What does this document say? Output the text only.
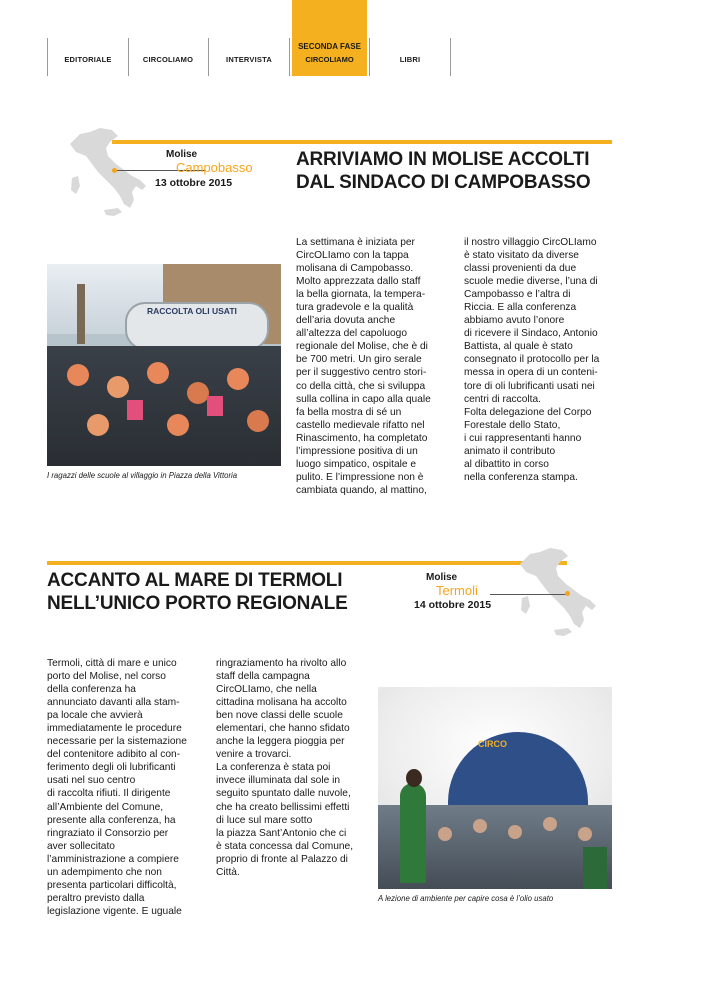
EDITORIALE	CIRCOLIAMO	INTERVISTA
SECONDA FASE
CIRCOLIAMO	LIBRI
Molise
Campobasso
13 ottobre 2015
ARRIVIAMO IN MOLISE ACCOLTI
DAL SINDACO DI CAMPOBASSO
RACCOLTA OLI USATI
I ragazzi delle scuole al villaggio in Piazza della Vittoria
La settimana è iniziata per
CircOLIamo con la tappa
molisana di Campobasso.
Molto apprezzata dallo staff
la bella giornata, la tempera-
tura gradevole e la qualità
dell’aria dovuta anche
all’altezza del capoluogo
regionale del Molise, che è di
be 700 metri. Un giro serale
per il suggestivo centro stori-
co della città, che si sviluppa
sulla collina in capo alla quale
fa bella mostra di sé un
castello medievale rifatto nel
Rinascimento, ha completato
l’impressione positiva di un
luogo simpatico, ospitale e
pulito. E l’impressione non è
cambiata quando, al mattino,
il nostro villaggio CircOLIamo
è stato visitato da diverse
classi provenienti da due
scuole medie diverse, l’una di
Campobasso e l’altra di
Riccia. E alla conferenza
abbiamo avuto l’onore
di ricevere il Sindaco, Antonio
Battista, al quale è stato
consegnato il protocollo per la
messa in opera di un conteni-
tore di oli lubrificanti usati nei
centri di raccolta.
Folta delegazione del Corpo
Forestale dello Stato,
i cui rappresentanti hanno
animato il contributo
al dibattito in corso
nella conferenza stampa.
Molise
Termoli
14 ottobre 2015
ACCANTO AL MARE DI TERMOLI
NELL’UNICO PORTO REGIONALE
Termoli, città di mare e unico
porto del Molise, nel corso
della conferenza ha
annunciato davanti alla stam-
pa locale che avvierà
immediatamente le procedure
necessarie per la sistemazione
del contenitore adibito al con-
ferimento degli oli lubrificanti
usati nel suo centro
di raccolta rifiuti. Il dirigente
all’Ambiente del Comune,
presente alla conferenza, ha
ringraziato il Consorzio per
aver sollecitato
l’amministrazione a compiere
un adempimento che non
presenta particolari difficoltà,
peraltro previsto dalla
legislazione vigente. E uguale
ringraziamento ha rivolto allo
staff della campagna
CircOLIamo, che nella
cittadina molisana ha accolto
ben nove classi delle scuole
elementari, che hanno sfidato
anche la leggera pioggia per
venire a trovarci.
La conferenza è stata poi
invece illuminata dal sole in
seguito spuntato dalle nuvole,
che ha creato bellissimi effetti
di luce sul mare sotto
la piazza Sant’Antonio che ci
è stata concessa dal Comune,
proprio di fronte al Palazzo di
Città.
CIRCO
A lezione di ambiente per capire cosa è l’olio usato
